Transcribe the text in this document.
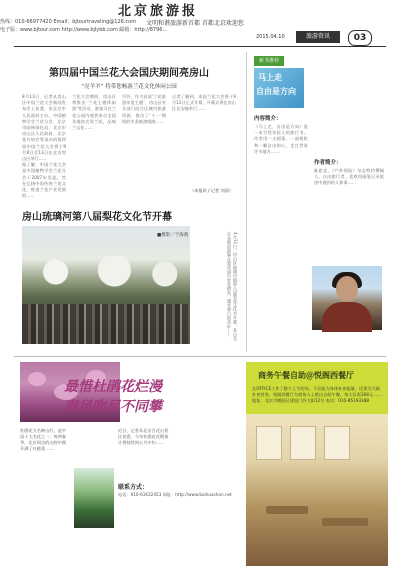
北京旅游报
文明和谐旅游新首都 首都北京欢迎您
热线：010-66977420 Email：bjtourtraveling@126.com
电子版：www.bjtour.com http://www.bjlybb.com 邮箱：http://8796...
2015.04.10	旅游资讯	03
第四届中国兰花大会国庆期间亮房山
“亮羊羊” 将带您畅游兰花文化休闲公园

8月13日，记者从房山区中国兰花大会新闻发布会上获悉，由北京市人民政府主办，中国植物学会兰花分会、北京市园林绿化局、北京市房山区人民政府、北京花卉协会等承办的第四届中国兰花大会将于9月8日至13日在北京房山区举行……

据了解，中国兰花大会是中国植物学会兰花分会于2007年发起，旨在弘扬中国传统兰花文化，推进兰花产业发展的……

兰花大会期间，房山区将推出‘兰花主题休闲游’等活动，游客可在兰花公园内观赏来自全国各地的名贵兰花，品味兰文化……

另外，作为首届‘兰花旅游年度主题’，房山区有关部门结合区域内旅游资源，推出了‘十一’期间的多条旅游线路……

记者了解到，本届兰花大会将于9月12日正式开幕，开幕式将在房山区长沟镇举行……

（本报讯 / 记者 刘清）
房山琉璃河第八届梨花文化节开幕
■摄影／于海燕	4月11日，房山区琉璃河镇第八届梨花文化节开幕。来自北京各地的游客在梨花园中赏花踏青，感受春日的美好……
新书推荐
马上走
自由是方向
内容简介：
《马上走，自由是方向》是一本写给年轻人的旅行书。作者用一支画笔、一部相机和一颗自由的心，走过世界许多地方……
作者简介：
陈思宜，《户外探险》杂志特约撰稿人，自由旅行者，喜欢用画笔记录旅途中遇到的人和事……
最惜杜鹃花烂漫
春风吹尽不同攀
杜鹃花又名映山红，是中国十大名花之一。每到春季，北京周边的山野中便开满了杜鹃花……
近日，记者从北京百花山景区获悉，今年杜鹃花花期预计将持续到五月中旬……
联系方式：
电话：010-61632453 网址：http://www.baihuashan.net
商务午餐自助＠悦阁西餐厅

在OFFICE工作了整个上午的你，不仅能为身体补充能量，还要为大脑补充营养。悦阁西餐厅为商务人士推出自助午餐，每人仅需168元……

地址：北京市朝阳区建国门外大街12号 电话：010-85193388
